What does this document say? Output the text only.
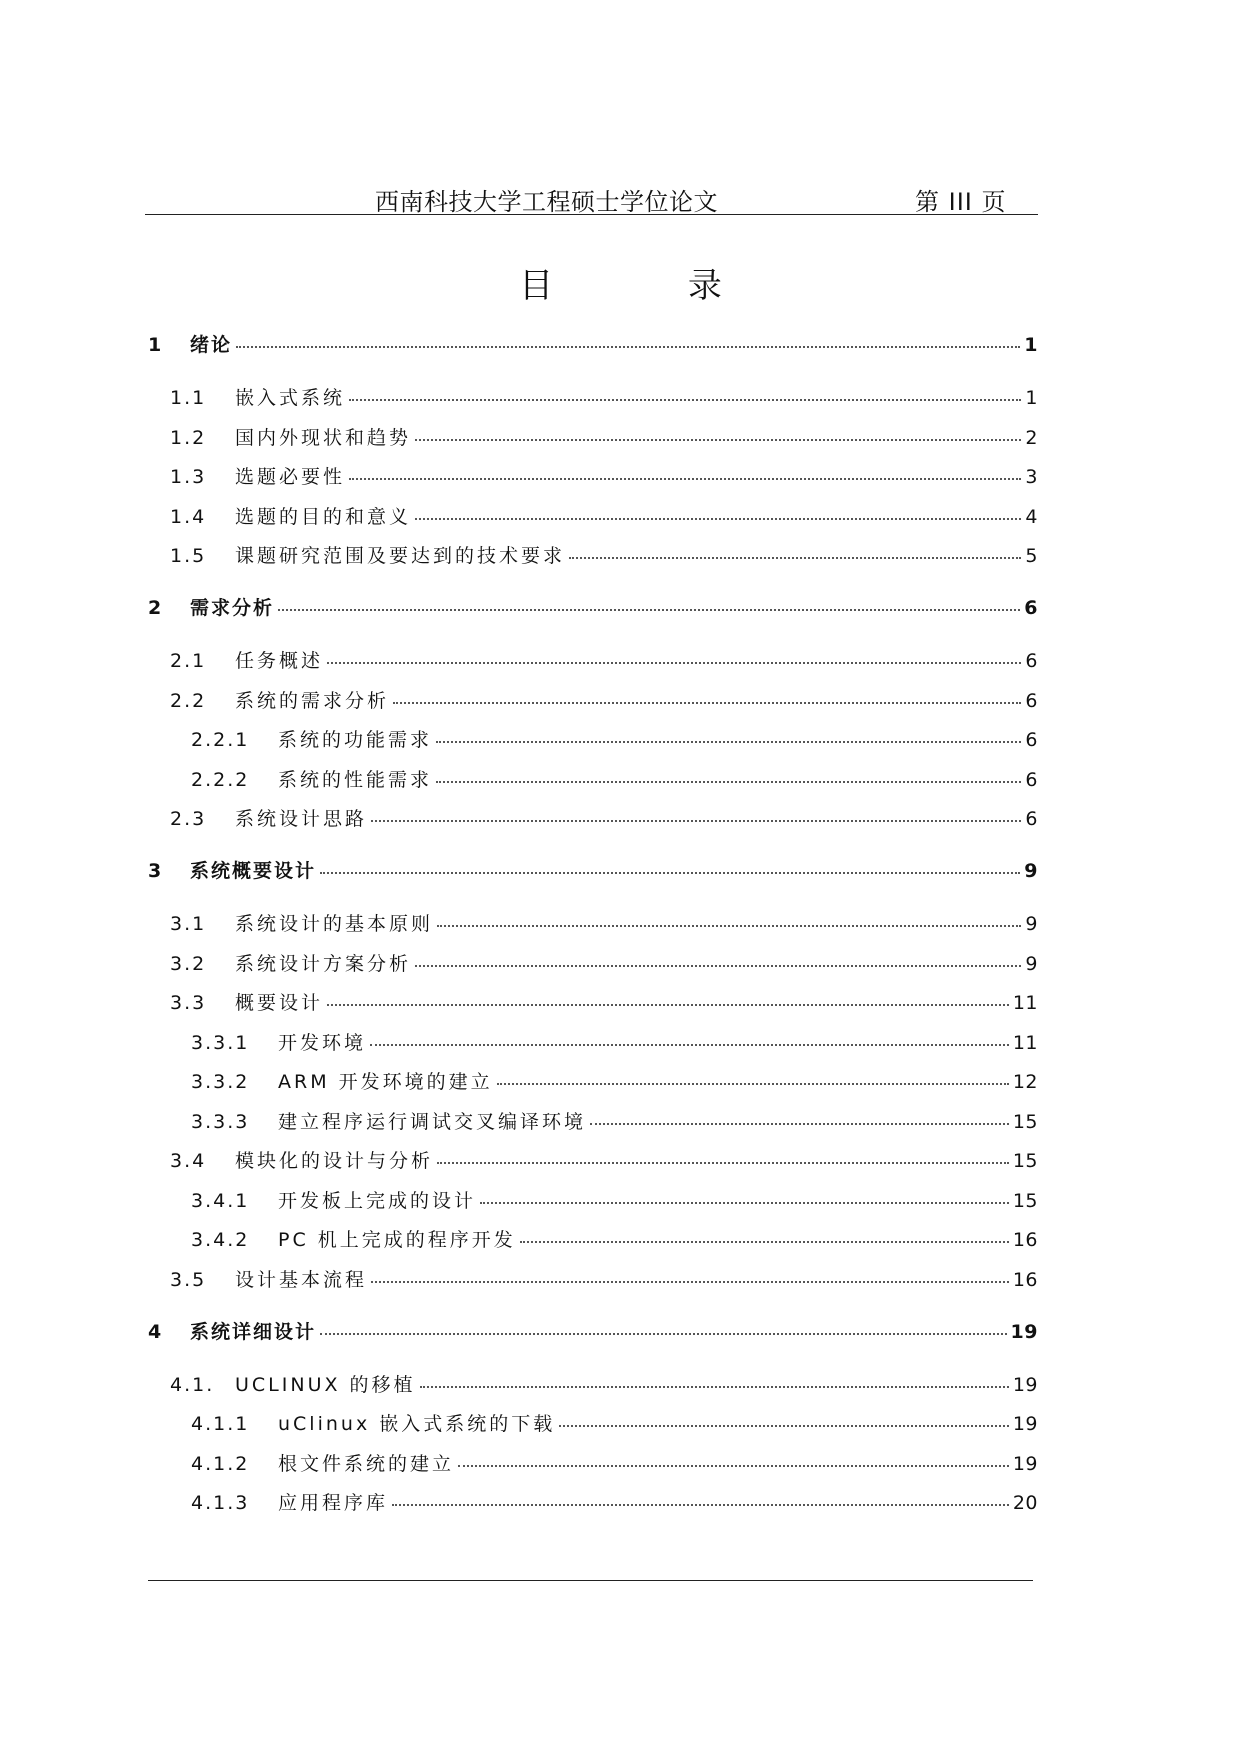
西南科技大学工程硕士学位论文	第 III 页
目 录
1	绪论	1
1.1	嵌入式系统	1
1.2	国内外现状和趋势	2
1.3	选题必要性	3
1.4	选题的目的和意义	4
1.5	课题研究范围及要达到的技术要求	5
2	需求分析	6
2.1	任务概述	6
2.2	系统的需求分析	6
2.2.1	系统的功能需求	6
2.2.2	系统的性能需求	6
2.3	系统设计思路	6
3	系统概要设计	9
3.1	系统设计的基本原则	9
3.2	系统设计方案分析	9
3.3	概要设计	11
3.3.1	开发环境	11
3.3.2	ARM 开发环境的建立	12
3.3.3	建立程序运行调试交叉编译环境	15
3.4	模块化的设计与分析	15
3.4.1	开发板上完成的设计	15
3.4.2	PC 机上完成的程序开发	16
3.5	设计基本流程	16
4	系统详细设计	19
4.1.	UCLINUX 的移植	19
4.1.1	uClinux 嵌入式系统的下载	19
4.1.2	根文件系统的建立	19
4.1.3	应用程序库	20
